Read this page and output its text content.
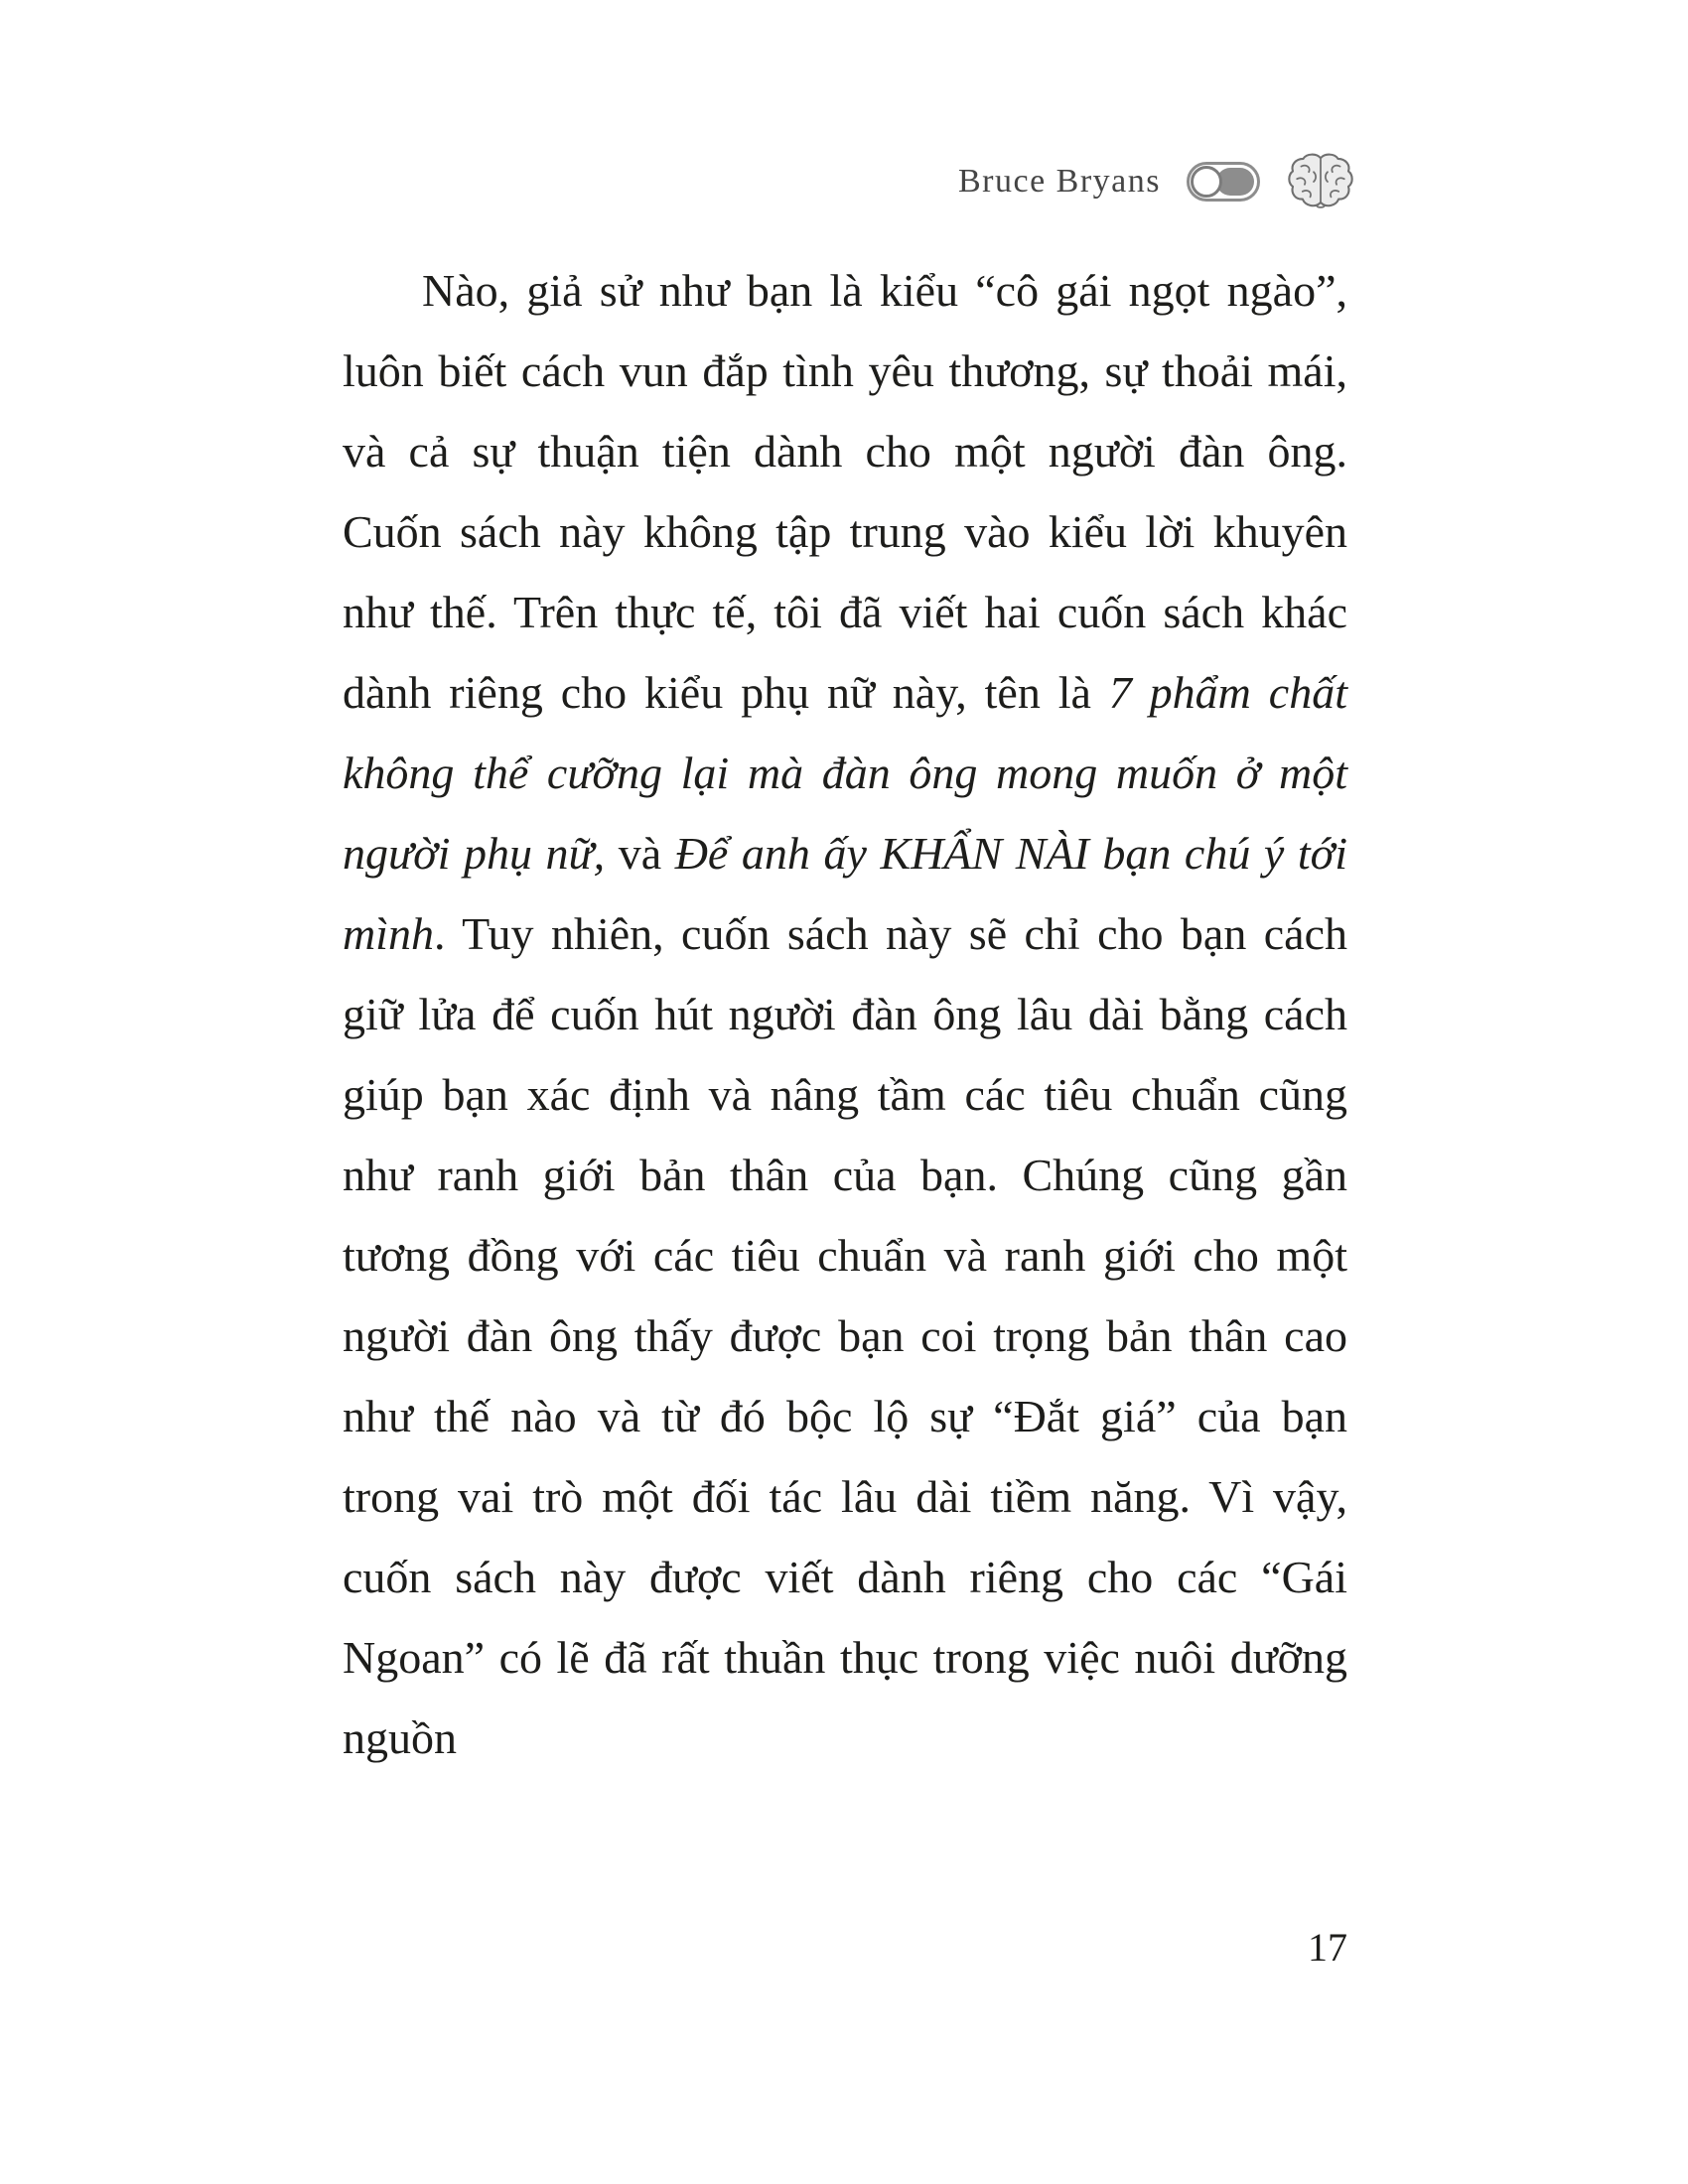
Bruce Bryans
Nào, giả sử như bạn là kiểu “cô gái ngọt ngào”, luôn biết cách vun đắp tình yêu thương, sự thoải mái, và cả sự thuận tiện dành cho một người đàn ông. Cuốn sách này không tập trung vào kiểu lời khuyên như thế. Trên thực tế, tôi đã viết hai cuốn sách khác dành riêng cho kiểu phụ nữ này, tên là 7 phẩm chất không thể cưỡng lại mà đàn ông mong muốn ở một người phụ nữ, và Để anh ấy KHẨN NÀI bạn chú ý tới mình. Tuy nhiên, cuốn sách này sẽ chỉ cho bạn cách giữ lửa để cuốn hút người đàn ông lâu dài bằng cách giúp bạn xác định và nâng tầm các tiêu chuẩn cũng như ranh giới bản thân của bạn. Chúng cũng gần tương đồng với các tiêu chuẩn và ranh giới cho một người đàn ông thấy được bạn coi trọng bản thân cao như thế nào và từ đó bộc lộ sự “Đắt giá” của bạn trong vai trò một đối tác lâu dài tiềm năng. Vì vậy, cuốn sách này được viết dành riêng cho các “Gái Ngoan” có lẽ đã rất thuần thục trong việc nuôi dưỡng nguồn
17
